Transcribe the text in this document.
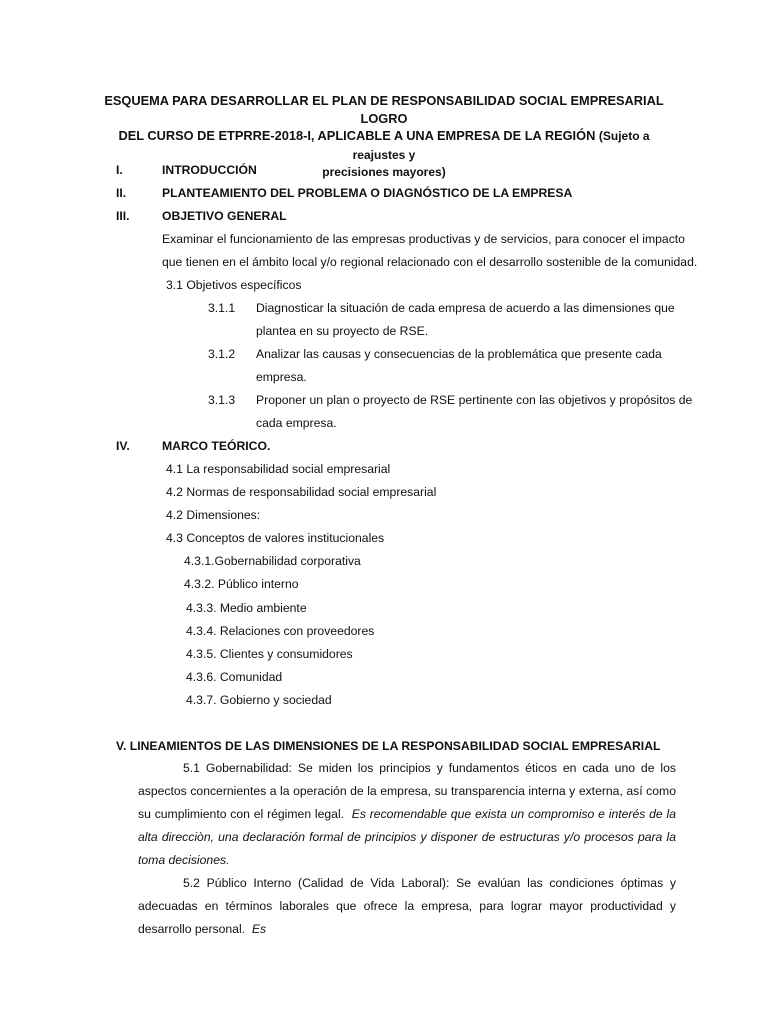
ESQUEMA PARA DESARROLLAR EL PLAN DE RESPONSABILIDAD SOCIAL EMPRESARIAL LOGRO
DEL CURSO DE ETPRRE-2018-I, APLICABLE A UNA EMPRESA DE LA REGIÓN (Sujeto a reajustes y
precisiones mayores)
I.	INTRODUCCIÓN
II.	PLANTEAMIENTO DEL PROBLEMA O DIAGNÓSTICO DE LA EMPRESA
III.	OBJETIVO GENERAL
Examinar el funcionamiento de las empresas productivas y de servicios, para conocer el impacto
que tienen en el ámbito local y/o regional relacionado con el desarrollo sostenible de la comunidad.
3.1 Objetivos específicos
3.1.1 Diagnosticar la situación de cada empresa de acuerdo a las dimensiones que
plantea en su proyecto de RSE.
3.1.2 Analizar las causas y consecuencias de la problemática que presente cada
empresa.
3.1.3 Proponer un plan o proyecto de RSE pertinente con las objetivos y propósitos de
cada empresa.
IV.	MARCO TEÓRICO.
4.1 La responsabilidad social empresarial
4.2 Normas de responsabilidad social empresarial
4.2 Dimensiones:
4.3 Conceptos de valores institucionales
4.3.1.Gobernabilidad corporativa
4.3.2. Público interno
4.3.3. Medio ambiente
4.3.4. Relaciones con proveedores
4.3.5. Clientes y consumidores
4.3.6. Comunidad
4.3.7. Gobierno y sociedad
V. LINEAMIENTOS DE LAS DIMENSIONES DE LA RESPONSABILIDAD SOCIAL EMPRESARIAL
5.1 Gobernabilidad: Se miden los principios y fundamentos éticos en cada uno de los aspectos concernientes a la operación de la empresa, su transparencia interna y externa, así como su cumplimiento con el régimen legal. Es recomendable que exista un compromiso e interés de la alta direcciòn, una declaración formal de principios y disponer de estructuras y/o procesos para la toma decisiones.
5.2 Público Interno (Calidad de Vida Laboral): Se evalúan las condiciones óptimas y adecuadas en términos laborales que ofrece la empresa, para lograr mayor productividad y desarrollo personal. Es
